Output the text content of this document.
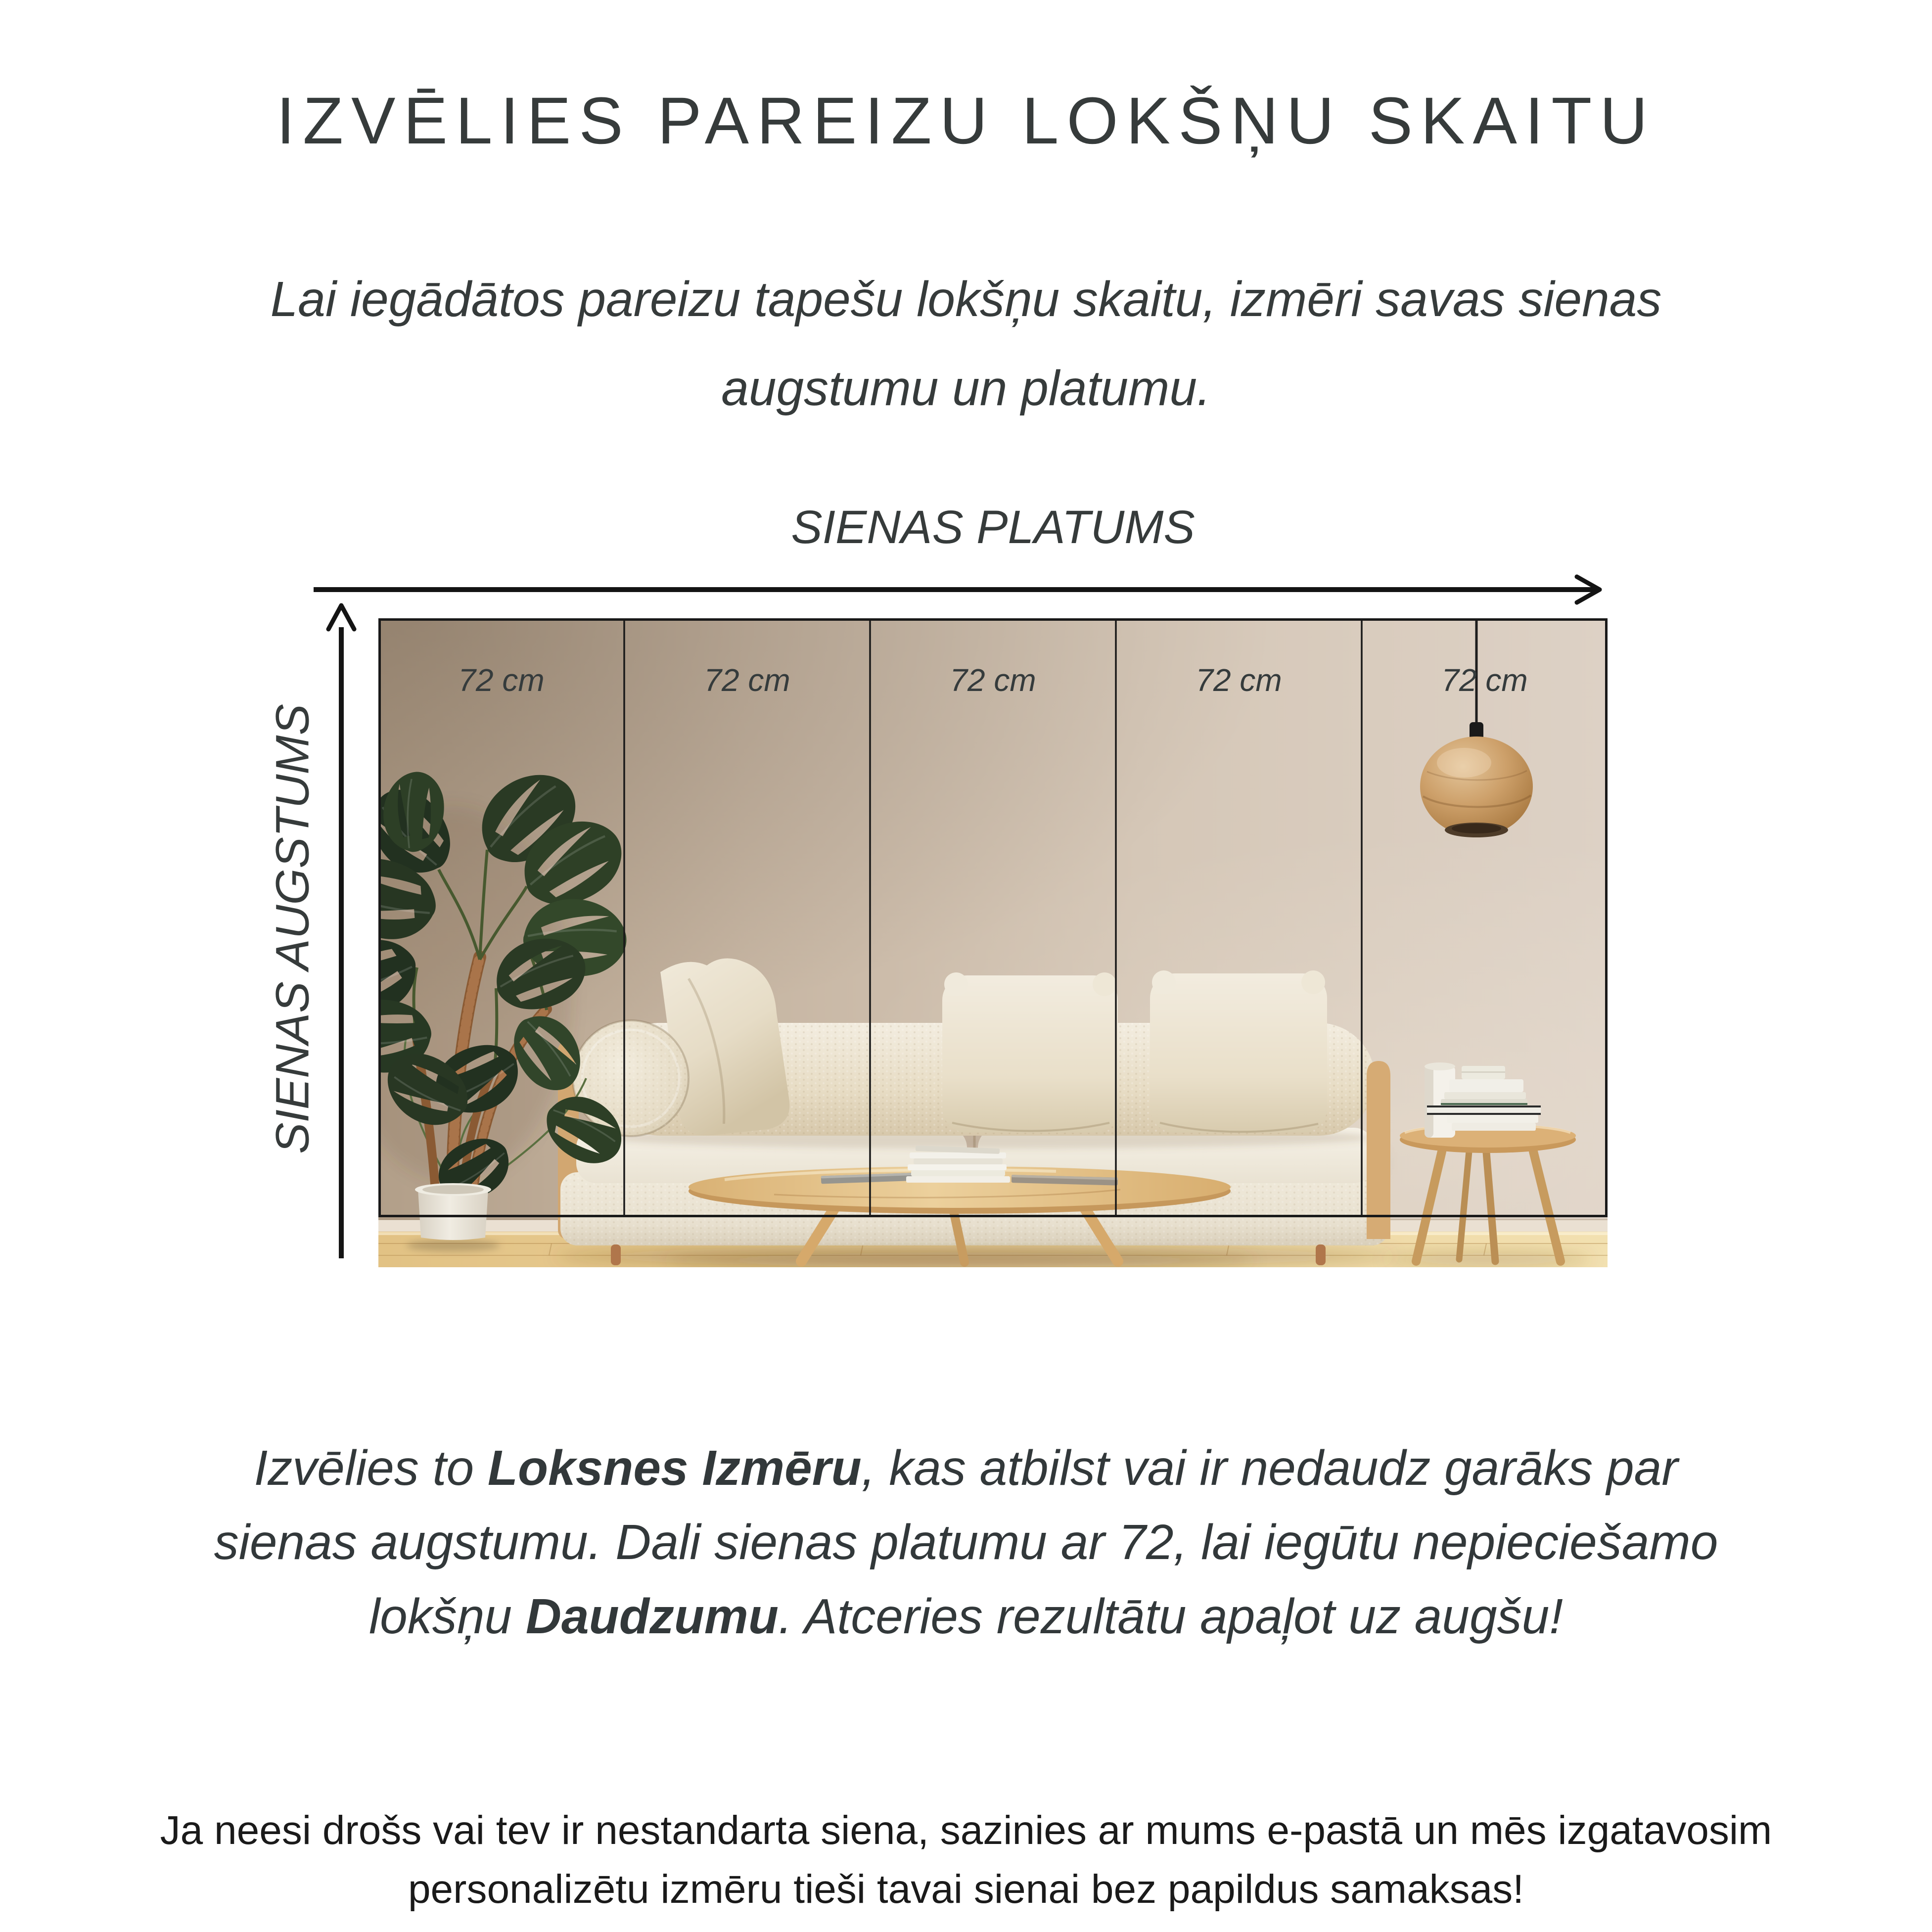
IZVĒLIES PAREIZU LOKŠŅU SKAITU

Lai iegādātos pareizu tapešu lokšņu skaitu, izmēri savas sienas
augstumu un platumu.

SIENAS PLATUMS
SIENAS AUGSTUMS
72 cm	72 cm	72 cm	72 cm	72 cm
Izvēlies to Loksnes Izmēru, kas atbilst vai ir nedaudz garāks par
sienas augstumu. Dali sienas platumu ar 72, lai iegūtu nepieciešamo
lokšņu Daudzumu. Atceries rezultātu apaļot uz augšu!
Ja neesi drošs vai tev ir nestandarta siena, sazinies ar mums e-pastā un mēs izgatavosim
personalizētu izmēru tieši tavai sienai bez papildus samaksas!
